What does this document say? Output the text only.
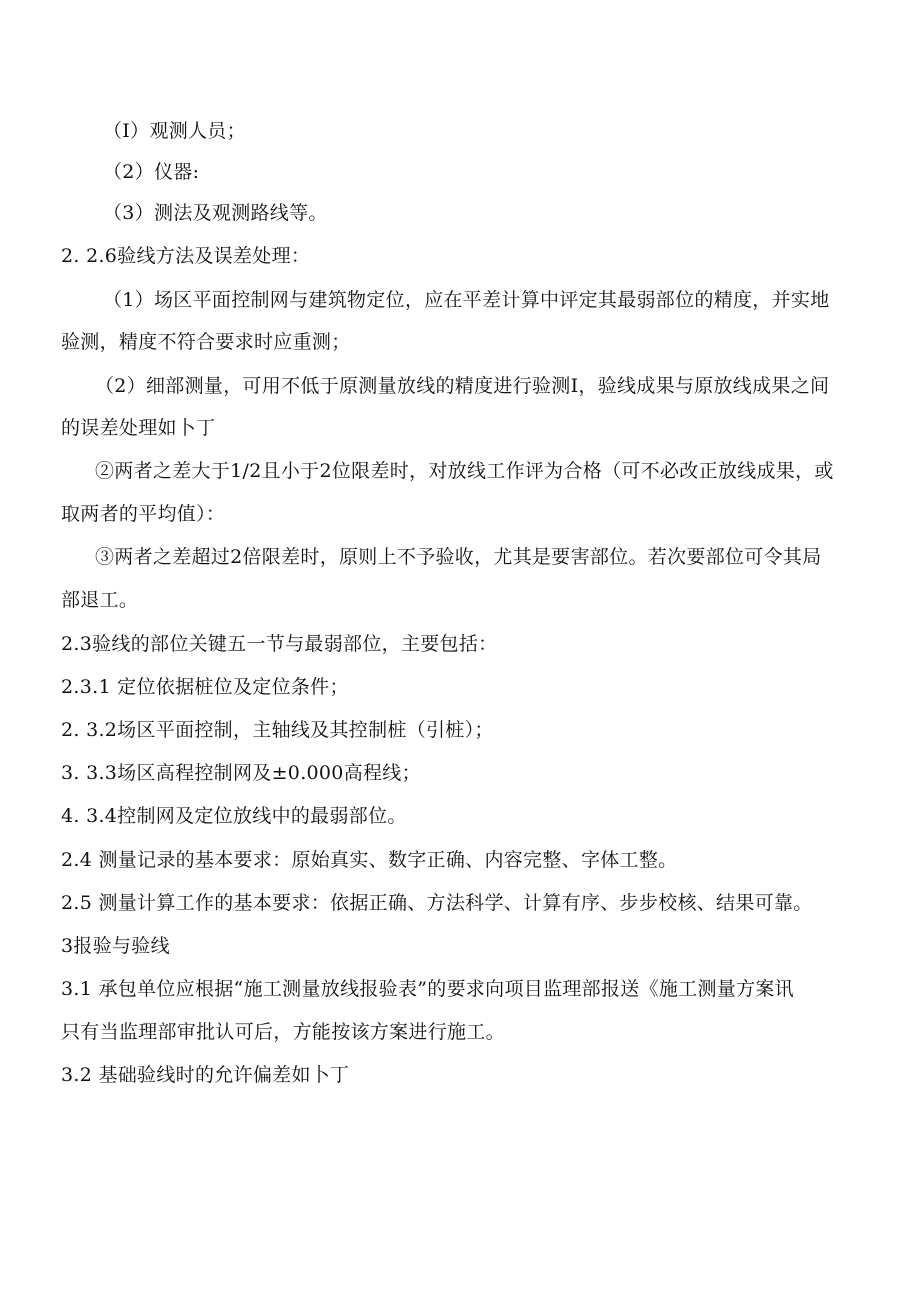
（I）观测人员；
（2）仪器:
（3）测法及观测路线等。
2. 2.6验线方法及误差处理：
（1）场区平面控制网与建筑物定位，应在平差计算中评定其最弱部位的精度，并实地
验测，精度不符合要求时应重测；
（2）细部测量，可用不低于原测量放线的精度进行验测I，验线成果与原放线成果之间
的误差处理如卜丁
②两者之差大于1/2且小于2位限差时，对放线工作评为合格（可不必改正放线成果，或
取两者的平均值）：
③两者之差超过2倍限差时，原则上不予验收，尤其是要害部位。若次要部位可令其局
部退工。
2.3验线的部位关键五一节与最弱部位，主要包括：
2.3.1 定位依据桩位及定位条件；
2. 3.2场区平面控制，主轴线及其控制桩（引桩）；
3. 3.3场区高程控制网及±0.000高程线；
4. 3.4控制网及定位放线中的最弱部位。
2.4 测量记录的基本要求：原始真实、数字正确、内容完整、字体工整。
2.5 测量计算工作的基本要求：依据正确、方法科学、计算有序、步步校核、结果可靠。
3报验与验线
3.1 承包单位应根据“施工测量放线报验表”的要求向项目监理部报送《施工测量方案讯
只有当监理部审批认可后，方能按该方案进行施工。
3.2 基础验线时的允许偏差如卜丁
